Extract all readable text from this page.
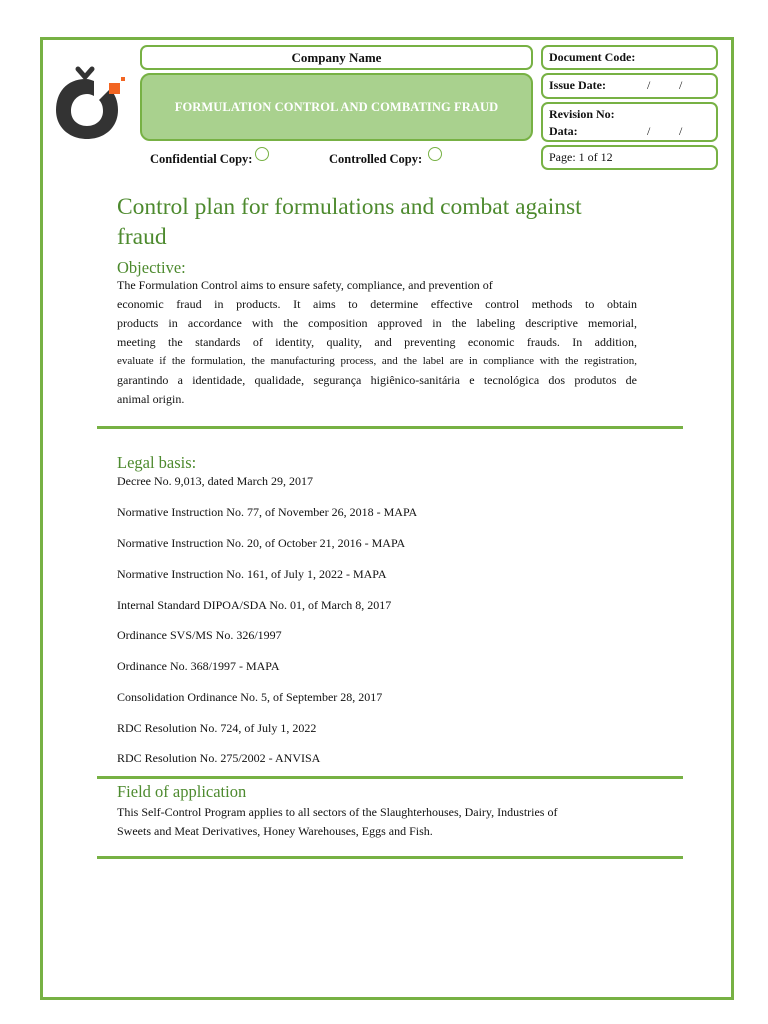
Company Name
FORMULATION CONTROL AND COMBATING FRAUD
Document Code:
Issue Date:	/ /
Revision No:
Data:	/ /
Page: 1 of 12
Confidential Copy:	Controlled Copy:
Control plan for formulations and combat against fraud
Objective:
The Formulation Control aims to ensure safety, compliance, and prevention of
economic fraud in products. It aims to determine effective control methods to obtain
products in accordance with the composition approved in the labeling descriptive memorial,
meeting the standards of identity, quality, and preventing economic frauds. In addition,
evaluate if the formulation, the manufacturing process, and the label are in compliance with the registration,
garantindo a identidade, qualidade, segurança higiênico-sanitária e tecnológica dos produtos de
animal origin.
Legal basis:
Decree No. 9,013, dated March 29, 2017
Normative Instruction No. 77, of November 26, 2018 - MAPA
Normative Instruction No. 20, of October 21, 2016 - MAPA
Normative Instruction No. 161, of July 1, 2022 - MAPA
Internal Standard DIPOA/SDA No. 01, of March 8, 2017
Ordinance SVS/MS No. 326/1997
Ordinance No. 368/1997 - MAPA
Consolidation Ordinance No. 5, of September 28, 2017
RDC Resolution No. 724, of July 1, 2022
RDC Resolution No. 275/2002 - ANVISA
Field of application
This Self-Control Program applies to all sectors of the Slaughterhouses, Dairy, Industries of
Sweets and Meat Derivatives, Honey Warehouses, Eggs and Fish.
